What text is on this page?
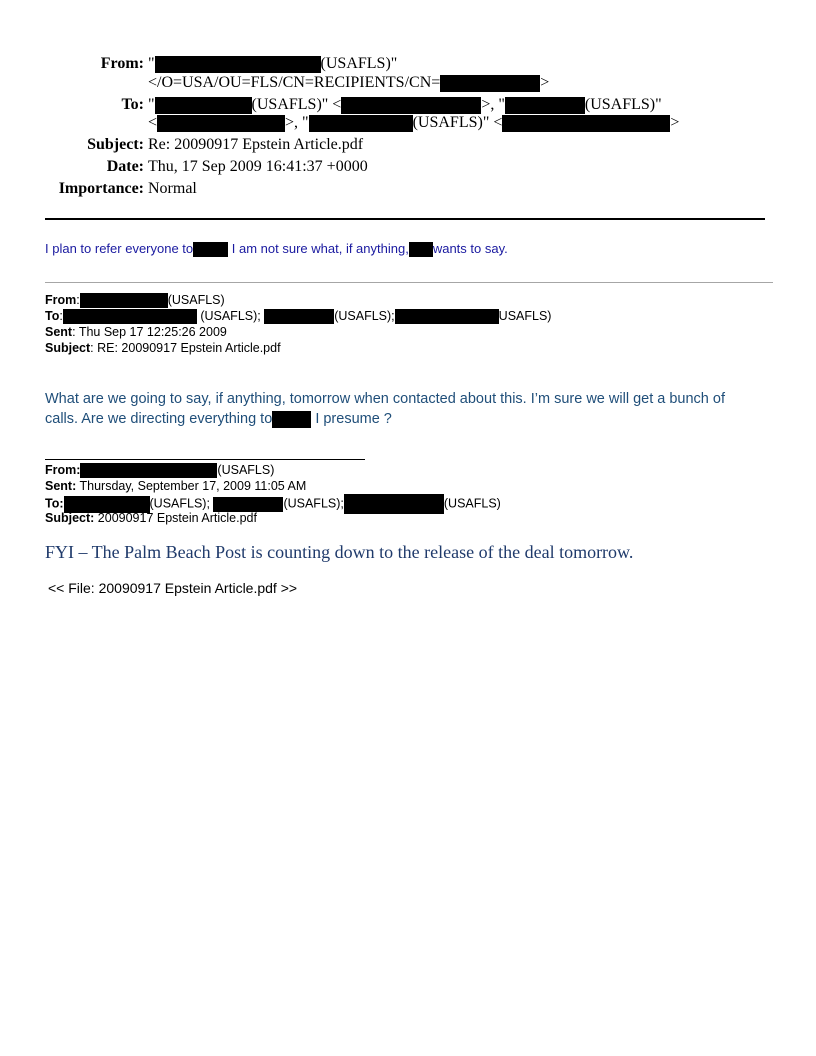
From: "	(USAFLS)"
</O=USA/OU=FLS/CN=RECIPIENTS/CN=	>
To: "	(USAFLS)" <	>, "	(USAFLS)"
<	>, "	(USAFLS)" <	>
Subject: Re: 20090917 Epstein Article.pdf
Date: Thu, 17 Sep 2009 16:41:37 +0000
Importance: Normal
I plan to refer everyone to	I am not sure what, if anything, wants to say.
From:	(USAFLS)
To:	(USAFLS);	(USAFLS);	USAFLS)
Sent: Thu Sep 17 12:25:26 2009
Subject: RE: 20090917 Epstein Article.pdf
What are we going to say, if anything, tomorrow when contacted about this. I’m sure we will get a bunch of
calls. Are we directing everything to	I presume ?
From:	(USAFLS)
Sent: Thursday, September 17, 2009 11:05 AM
To:	(USAFLS);	(USAFLS);	(USAFLS)
Subject: 20090917 Epstein Article.pdf
FYI – The Palm Beach Post is counting down to the release of the deal tomorrow.
<< File: 20090917 Epstein Article.pdf >>
